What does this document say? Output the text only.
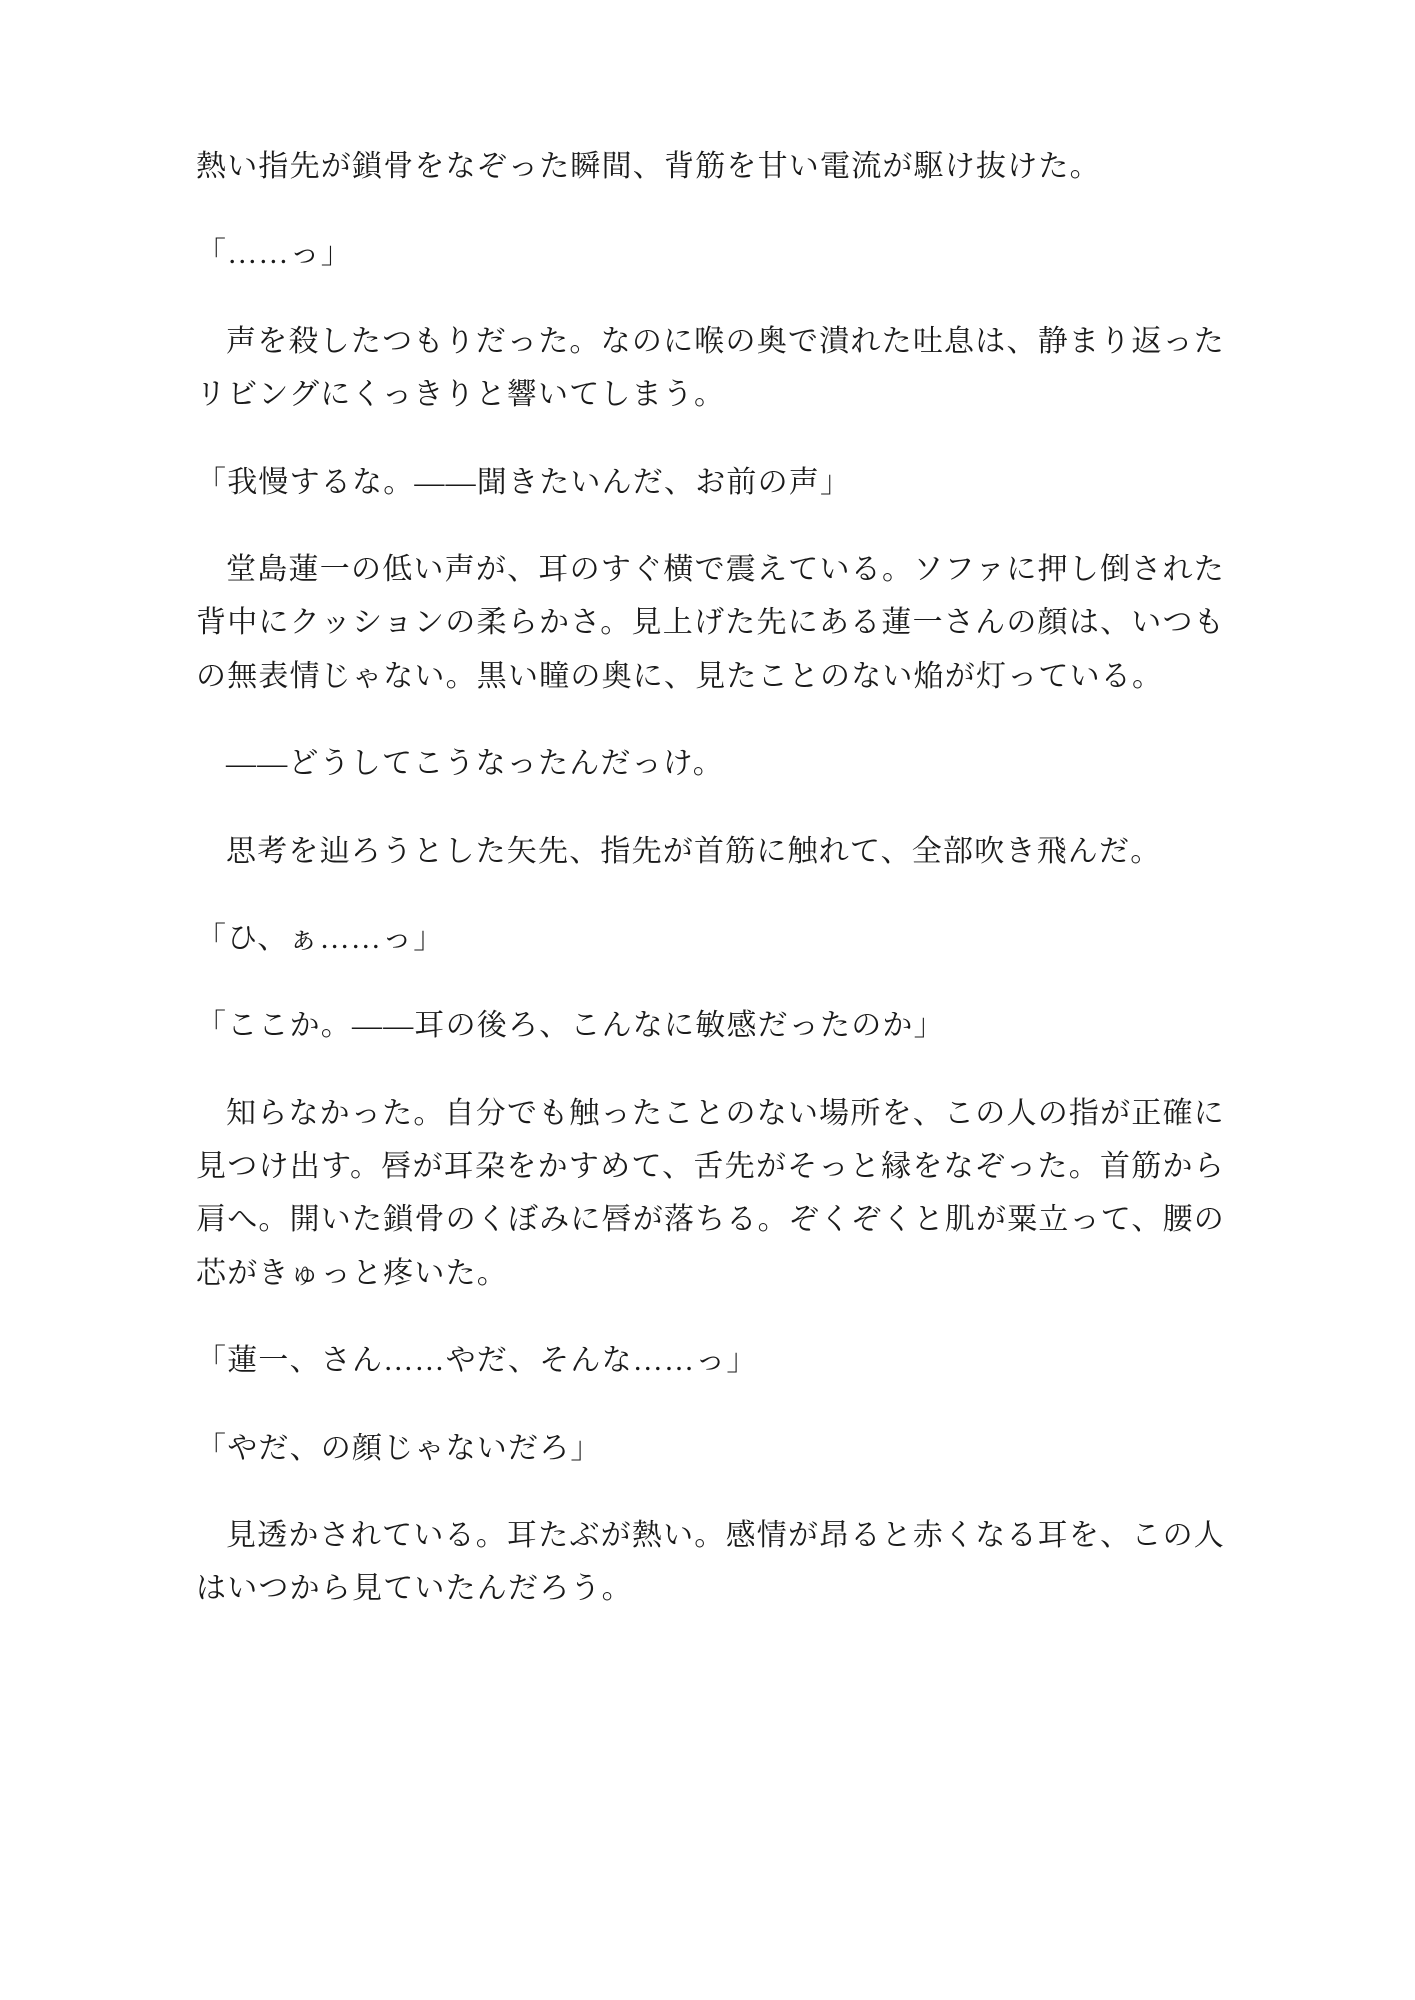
熱い指先が鎖骨をなぞった瞬間、背筋を甘い電流が駆け抜けた。

「……っ」

声を殺したつもりだった。なのに喉の奥で潰れた吐息は、静まり返ったリビングにくっきりと響いてしまう。

「我慢するな。——聞きたいんだ、お前の声」

堂島蓮一の低い声が、耳のすぐ横で震えている。ソファに押し倒された背中にクッションの柔らかさ。見上げた先にある蓮一さんの顔は、いつもの無表情じゃない。黒い瞳の奥に、見たことのない焔が灯っている。

——どうしてこうなったんだっけ。

思考を辿ろうとした矢先、指先が首筋に触れて、全部吹き飛んだ。

「ひ、ぁ……っ」

「ここか。——耳の後ろ、こんなに敏感だったのか」

知らなかった。自分でも触ったことのない場所を、この人の指が正確に見つけ出す。唇が耳朶をかすめて、舌先がそっと縁をなぞった。首筋から肩へ。開いた鎖骨のくぼみに唇が落ちる。ぞくぞくと肌が粟立って、腰の芯がきゅっと疼いた。

「蓮一、さん……やだ、そんな……っ」

「やだ、の顔じゃないだろ」

見透かされている。耳たぶが熱い。感情が昂ると赤くなる耳を、この人はいつから見ていたんだろう。
